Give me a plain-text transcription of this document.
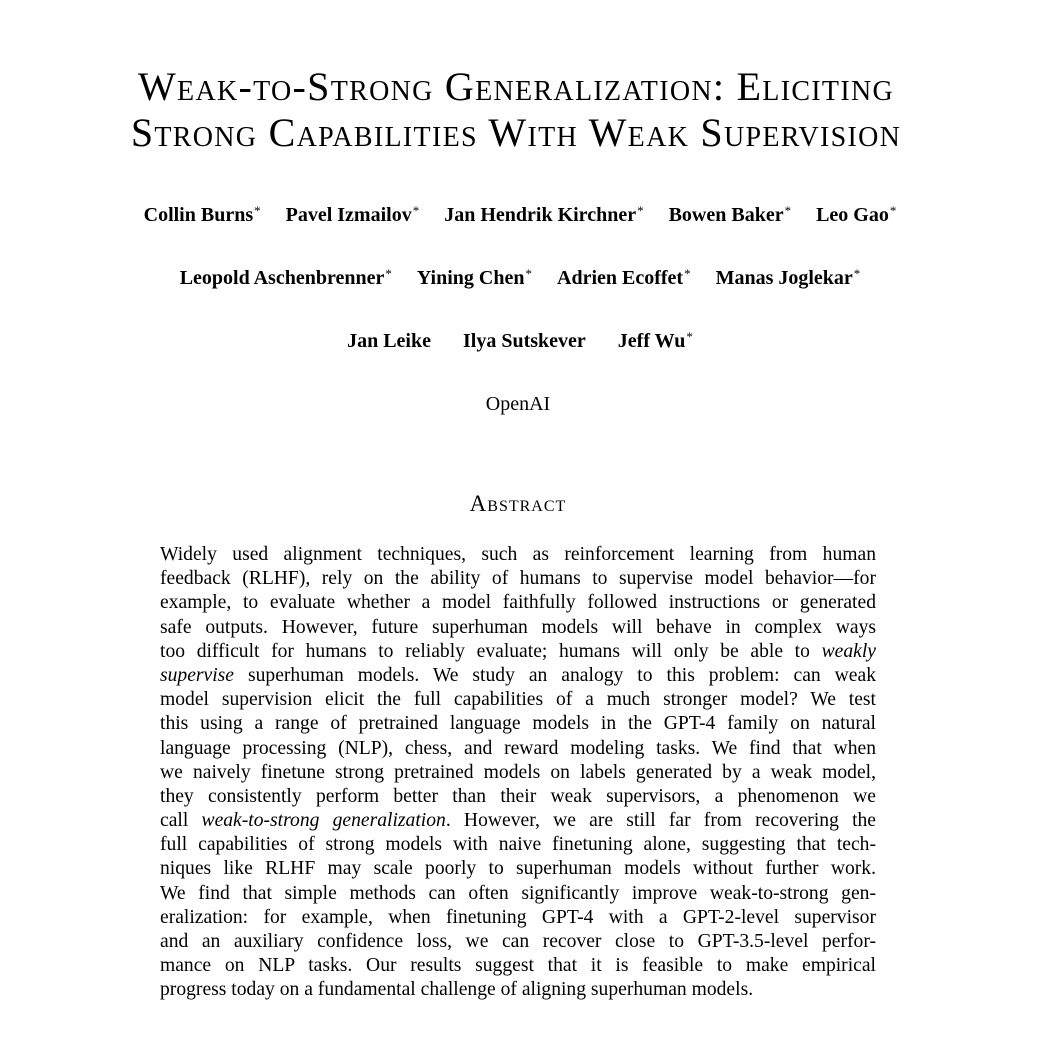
Weak-to-Strong Generalization: Eliciting
Strong Capabilities With Weak Supervision
Collin Burns* Pavel Izmailov* Jan Hendrik Kirchner* Bowen Baker* Leo Gao*
Leopold Aschenbrenner* Yining Chen* Adrien Ecoffet* Manas Joglekar*
Jan Leike Ilya Sutskever Jeff Wu*
OpenAI
Abstract
Widely used alignment techniques, such as reinforcement learning from human
feedback (RLHF), rely on the ability of humans to supervise model behavior—for
example, to evaluate whether a model faithfully followed instructions or generated
safe outputs. However, future superhuman models will behave in complex ways
too difficult for humans to reliably evaluate; humans will only be able to weakly
supervise superhuman models. We study an analogy to this problem: can weak
model supervision elicit the full capabilities of a much stronger model? We test
this using a range of pretrained language models in the GPT-4 family on natural
language processing (NLP), chess, and reward modeling tasks. We find that when
we naively finetune strong pretrained models on labels generated by a weak model,
they consistently perform better than their weak supervisors, a phenomenon we
call weak-to-strong generalization. However, we are still far from recovering the
full capabilities of strong models with naive finetuning alone, suggesting that tech-
niques like RLHF may scale poorly to superhuman models without further work.
We find that simple methods can often significantly improve weak-to-strong gen-
eralization: for example, when finetuning GPT-4 with a GPT-2-level supervisor
and an auxiliary confidence loss, we can recover close to GPT-3.5-level perfor-
mance on NLP tasks. Our results suggest that it is feasible to make empirical
progress today on a fundamental challenge of aligning superhuman models.
